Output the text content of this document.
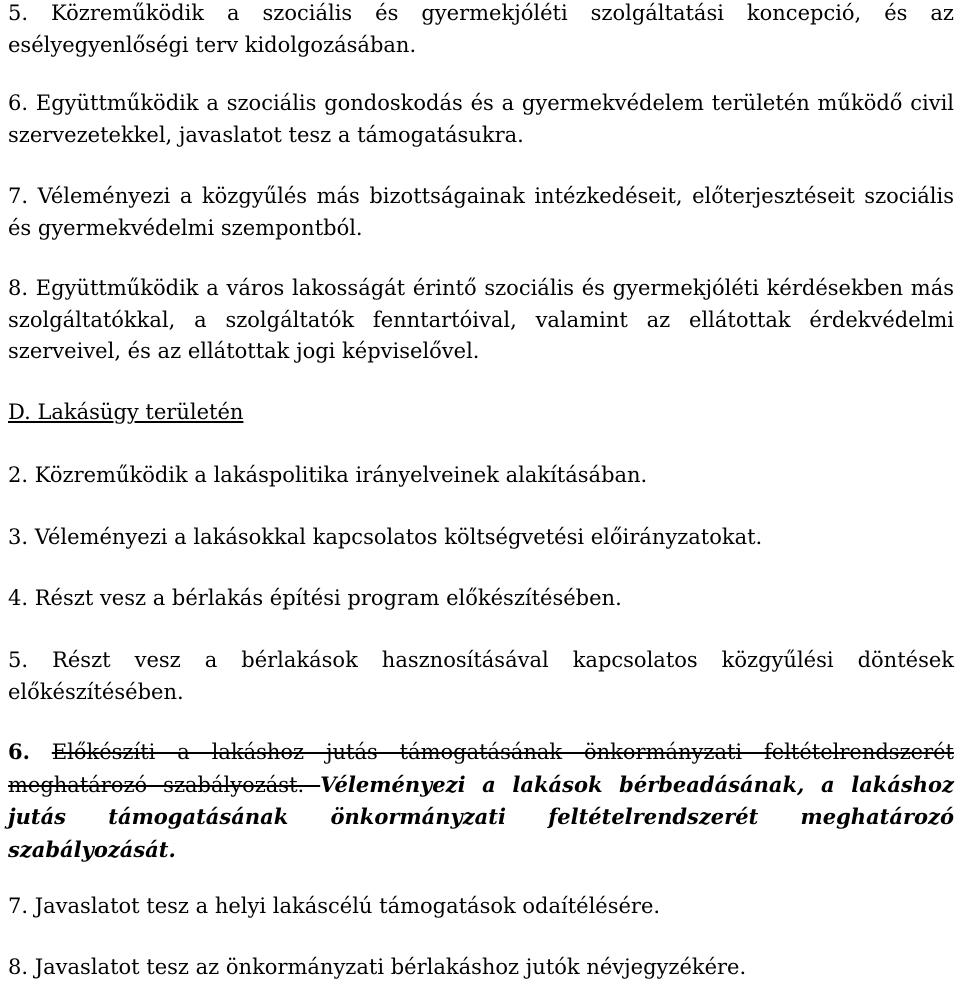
5. Közreműködik a szociális és gyermekjóléti szolgáltatási koncepció, és az esélyegyenlőségi terv kidolgozásában.

6. Együttműködik a szociális gondoskodás és a gyermekvédelem területén működő civil szervezetekkel, javaslatot tesz a támogatásukra.

7. Véleményezi a közgyűlés más bizottságainak intézkedéseit, előterjesztéseit szociális és gyermekvédelmi szempontból.

8. Együttműködik a város lakosságát érintő szociális és gyermekjóléti kérdésekben más szolgáltatókkal, a szolgáltatók fenntartóival, valamint az ellátottak érdekvédelmi szerveivel, és az ellátottak jogi képviselővel.

D. Lakásügy területén

2. Közreműködik a lakáspolitika irányelveinek alakításában.

3. Véleményezi a lakásokkal kapcsolatos költségvetési előirányzatokat.

4. Részt vesz a bérlakás építési program előkészítésében.

5. Részt vesz a bérlakások hasznosításával kapcsolatos közgyűlési döntések előkészítésében.

6. Előkészíti a lakáshoz jutás támogatásának önkormányzati feltételrendszerét meghatározó szabályozást. Véleményezi a lakások bérbeadásának, a lakáshoz jutás támogatásának önkormányzati feltételrendszerét meghatározó szabályozását.

7. Javaslatot tesz a helyi lakáscélú támogatások odaítélésére.

8. Javaslatot tesz az önkormányzati bérlakáshoz jutók névjegyzékére.
